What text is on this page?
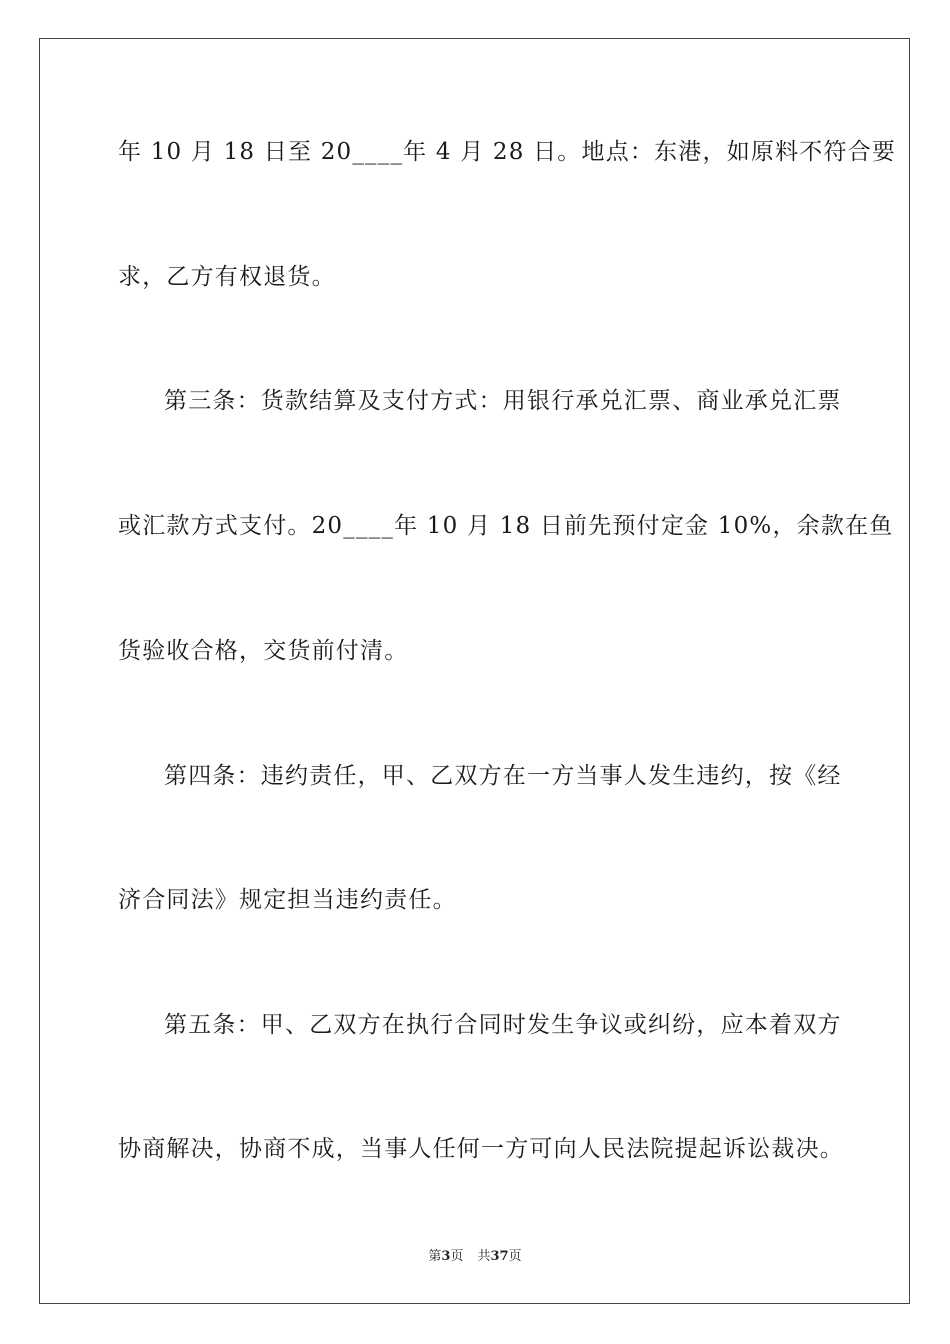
年 10 月 18 日至 20____年 4 月 28 日。地点：东港，如原料不符合要
求，乙方有权退货。
第三条：货款结算及支付方式：用银行承兑汇票、商业承兑汇票
或汇款方式支付。20____年 10 月 18 日前先预付定金 10%，余款在鱼
货验收合格，交货前付清。
第四条：违约责任，甲、乙双方在一方当事人发生违约，按《经
济合同法》规定担当违约责任。
第五条：甲、乙双方在执行合同时发生争议或纠纷，应本着双方
协商解决，协商不成，当事人任何一方可向人民法院提起诉讼裁决。
第3页 共37页
